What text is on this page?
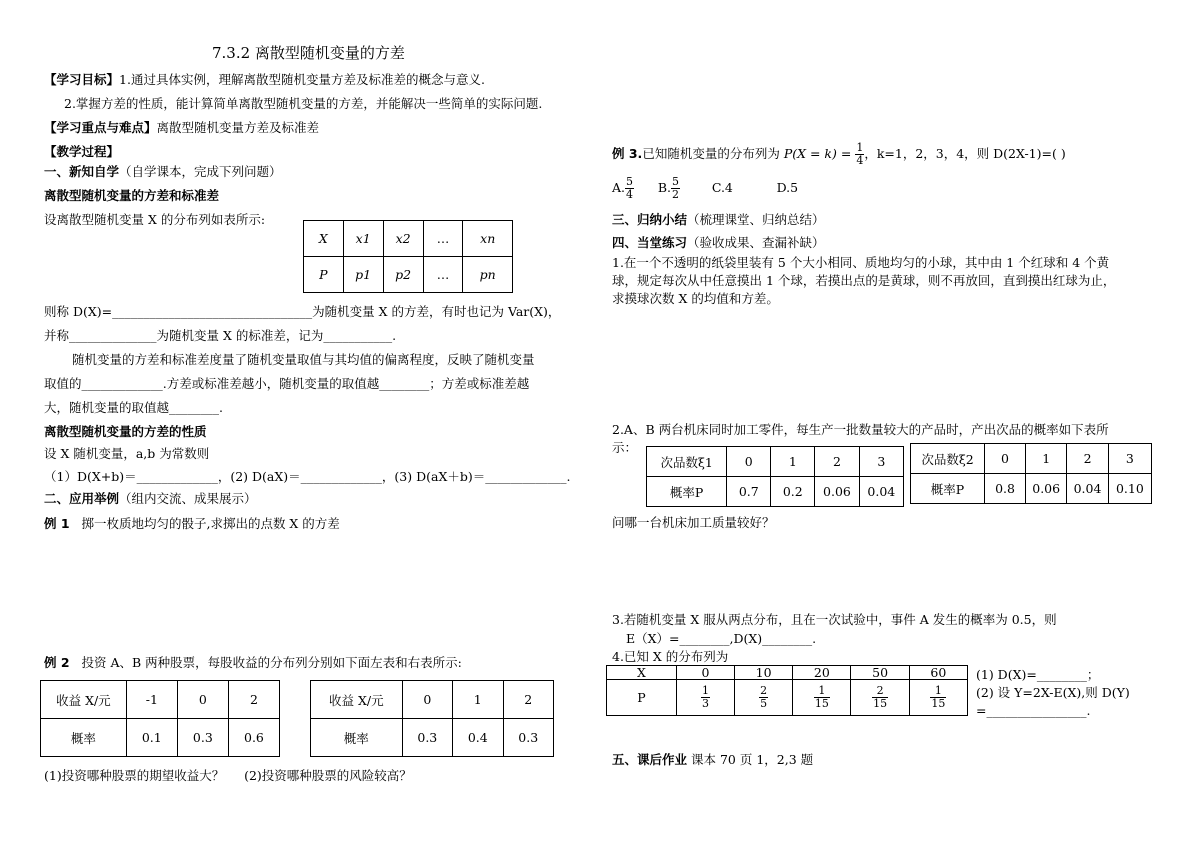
7.3.2 离散型随机变量的方差
【学习目标】1.通过具体实例，理解离散型随机变量方差及标准差的概念与意义.
2.掌握方差的性质，能计算简单离散型随机变量的方差，并能解决一些简单的实际问题.
【学习重点与难点】离散型随机变量方差及标准差
【教学过程】
一、新知自学（自学课本，完成下列问题）
离散型随机变量的方差和标准差
设离散型随机变量 X 的分布列如表所示:
X	x1	x2	…	xn
P	p1	p2	…	pn
则称 D(X)=________________________________为随机变量 X 的方差，有时也记为 Var(X)，
并称______________为随机变量 X 的标准差，记为___________.
随机变量的方差和标准差度量了随机变量取值与其均值的偏离程度，反映了随机变量
取值的_____________.方差或标准差越小，随机变量的取值越________；方差或标准差越
大，随机变量的取值越________.
离散型随机变量的方差的性质
设 X 随机变量，a,b 为常数则
（1）D(X+b)＝_____________，(2) D(aX)＝_____________，(3) D(aX＋b)＝_____________.
二、应用举例（组内交流、成果展示）
例 1 掷一枚质地均匀的骰子,求掷出的点数 X 的方差
例 2 投资 A、B 两种股票，每股收益的分布列分别如下面左表和右表所示:
收益 X/元	-1	0	2
概率	0.1	0.3	0.6
收益 X/元	0	1	2
概率	0.3	0.4	0.3
(1)投资哪种股票的期望收益大？ (2)投资哪种股票的风险较高？
例 3.已知随机变量的分布列为 $P(X = k) = \frac{1}{4}$ ，k=1，2，3，4，则 D(2X-1)=( )
A. $\frac{5}{4} B$. $\frac{5}{2}$	C.4	D.5
三、归纳小结（梳理课堂、归纳总结）
四、当堂练习（验收成果、查漏补缺）
1.在一个不透明的纸袋里装有 5 个大小相同、质地均匀的小球，其中由 1 个红球和 4 个黄
球，规定每次从中任意摸出 1 个球，若摸出点的是黄球，则不再放回，直到摸出红球为止，
求摸球次数 X 的均值和方差。
2.A、B 两台机床同时加工零件，每生产一批数量较大的产品时，产出次品的概率如下表所
示：
次品数ξ1	0	1	2	3
概率P	0.7	0.2	0.06	0.04
次品数ξ2	0	1	2	3
概率P	0.8	0.06	0.04	0.10
问哪一台机床加工质量较好？
3.若随机变量 X 服从两点分布，且在一次试验中，事件 A 发生的概率为 0.5，则
E（X）=________,D(X)________.
4.已知 X 的分布列为
X	0	10	20	50	60
P	$\frac{1}{3}$	$\frac{2}{5}$	$\frac{1}{15}$	$\frac{2}{15}$	$\frac{1}{15}$
(1) D(X)=________；
(2) 设 Y=2X-E(X),则 D(Y)
=________________.
五、课后作业 课本 70 页 1，2,3 题
